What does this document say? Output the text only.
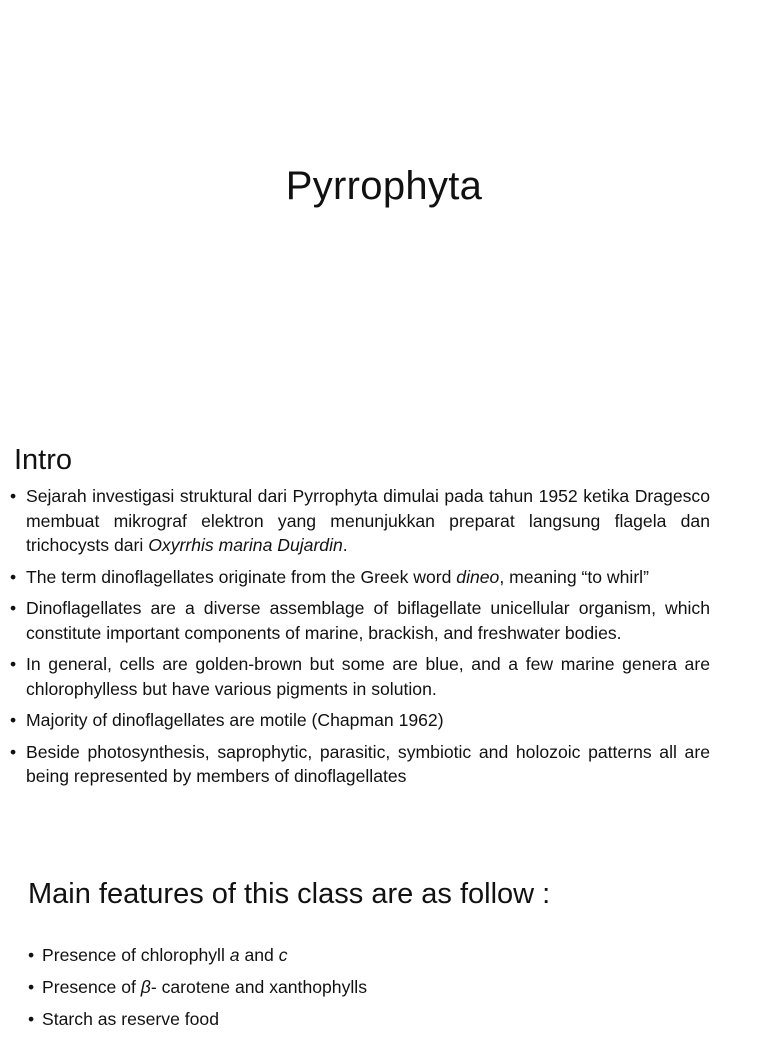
Pyrrophyta
Intro
• Sejarah investigasi struktural dari Pyrrophyta dimulai pada tahun 1952 ketika Dragesco membuat mikrograf elektron yang menunjukkan preparat langsung flagela dan trichocysts dari Oxyrrhis marina Dujardin.
• The term dinoflagellates originate from the Greek word dineo, meaning “to whirl”
• Dinoflagellates are a diverse assemblage of biflagellate unicellular organism, which constitute important components of marine, brackish, and freshwater bodies.
• In general, cells are golden-brown but some are blue, and a few marine genera are chlorophylless but have various pigments in solution.
• Majority of dinoflagellates are motile (Chapman 1962)
• Beside photosynthesis, saprophytic, parasitic, symbiotic and holozoic patterns all are being represented by members of dinoflagellates
Main features of this class are as follow :
• Presence of chlorophyll a and c
• Presence of β- carotene and xanthophylls
• Starch as reserve food
